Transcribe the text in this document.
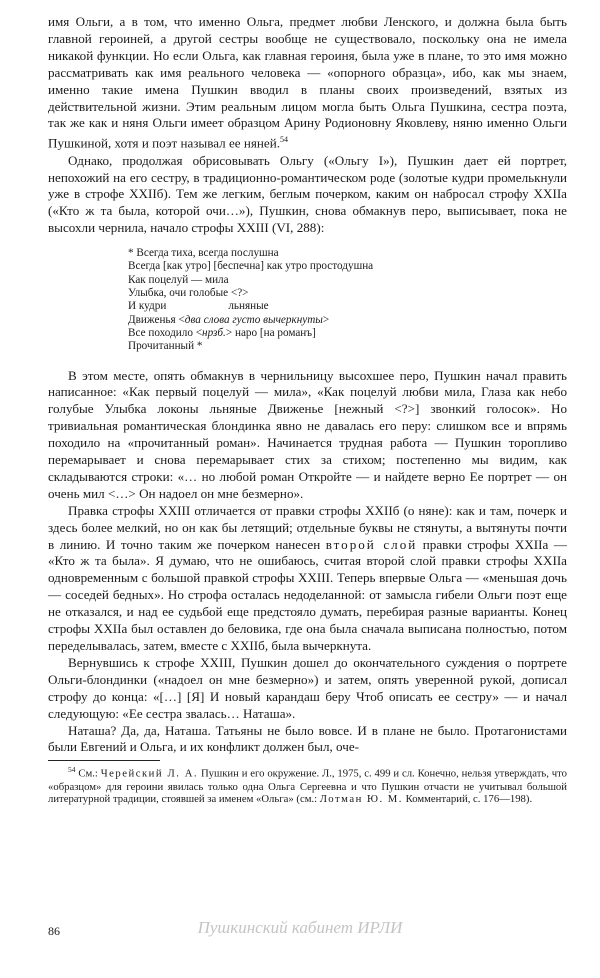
имя Ольги, а в том, что именно Ольга, предмет любви Ленского, и должна была быть главной героиней, а другой сестры вообще не существовало, поскольку она не имела никакой функции. Но если Ольга, как главная героиня, была уже в плане, то это имя можно рассматривать как имя реального человека — «опорного образца», ибо, как мы знаем, именно такие имена Пушкин вводил в планы своих произведений, взятых из действительной жизни. Этим реальным лицом могла быть Ольга Пушкина, сестра поэта, так же как и няня Ольги имеет образцом Арину Родионовну Яковлеву, няню именно Ольги Пушкиной, хотя и поэт называл ее няней.$^{54}$

Однако, продолжая обрисовывать Ольгу («Ольгу I»), Пушкин дает ей портрет, непохожий на его сестру, в традиционно-романтическом роде (золотые кудри промелькнули уже в строфе XXIIб). Тем же легким, беглым почерком, каким он набросал строфу XXIIa («Кто ж та была, которой очи…»), Пушкин, снова обмакнув перо, выписывает, пока не высохли чернила, начало строфы XXIII (VI, 288):

* Всегда тиха, всегда послушна
Всегда [как утро] [беспечна] как утро простодушна
Как поцелуй — мила
Улыбка, очи голобые <?>
И кудри	льняные
Движенья <два слова густо вычеркнуты>
Все походило <нрзб.> наро [на романъ]
Прочитанный *

В этом месте, опять обмакнув в чернильницу высохшее перо, Пушкин начал править написанное: «Как первый поцелуй — мила», «Как поцелуй любви мила, Глаза как небо голубые Улыбка локоны льняные Движенье [нежный <?>] звонкий голосок». Но тривиальная романтическая блондинка явно не давалась его перу: слишком все и впрямь походило на «прочитанный роман». Начинается трудная работа — Пушкин торопливо перемарывает и снова перемарывает стих за стихом; постепенно мы видим, как складываются строки: «… но любой роман Откройте — и найдете верно Ее портрет — он очень мил <…> Он надоел он мне безмерно».

Правка строфы XXIII отличается от правки строфы XXIIб (о няне): как и там, почерк и здесь более мелкий, но он как бы летящий; отдельные буквы не стянуты, а вытянуты почти в линию. И точно таким же почерком нанесен второй слой правки строфы XXIIa — «Кто ж та была». Я думаю, что не ошибаюсь, считая второй слой правки строфы XXIIa одновременным с большой правкой строфы XXIII. Теперь впервые Ольга — «меньшая дочь — соседей бедных». Но строфа осталась недоделанной: от замысла гибели Ольги поэт еще не отказался, и над ее судьбой еще предстояло думать, перебирая разные варианты. Конец строфы XXIIa был оставлен до беловика, где она была сначала выписана полностью, потом переделывалась, затем, вместе с XXIIб, была вычеркнута.

Вернувшись к строфе XXIII, Пушкин дошел до окончательного суждения о портрете Ольги-блондинки («надоел он мне безмерно») и затем, опять уверенной рукой, дописал строфу до конца: «[…] [Я] И новый карандаш беру Чтоб описать ее сестру» — и начал следующую: «Ее сестра звалась… Наташа».

Наташа? Да, да, Наташа. Татьяны не было вовсе. И в плане не было. Протагонистами были Евгений и Ольга, и их конфликт должен был, оче-

$^{54}$ См.: Черейский Л. А. Пушкин и его окружение. Л., 1975, с. 499 и сл. Конечно, нельзя утверждать, что «образцом» для героини явилась только одна Ольга Сергеевна и что Пушкин отчасти не учитывал большой литературной традиции, стоявшей за именем «Ольга» (см.: Лотман Ю. М. Комментарий, с. 176—198).

86	Пушкинский кабинет ИРЛИ
